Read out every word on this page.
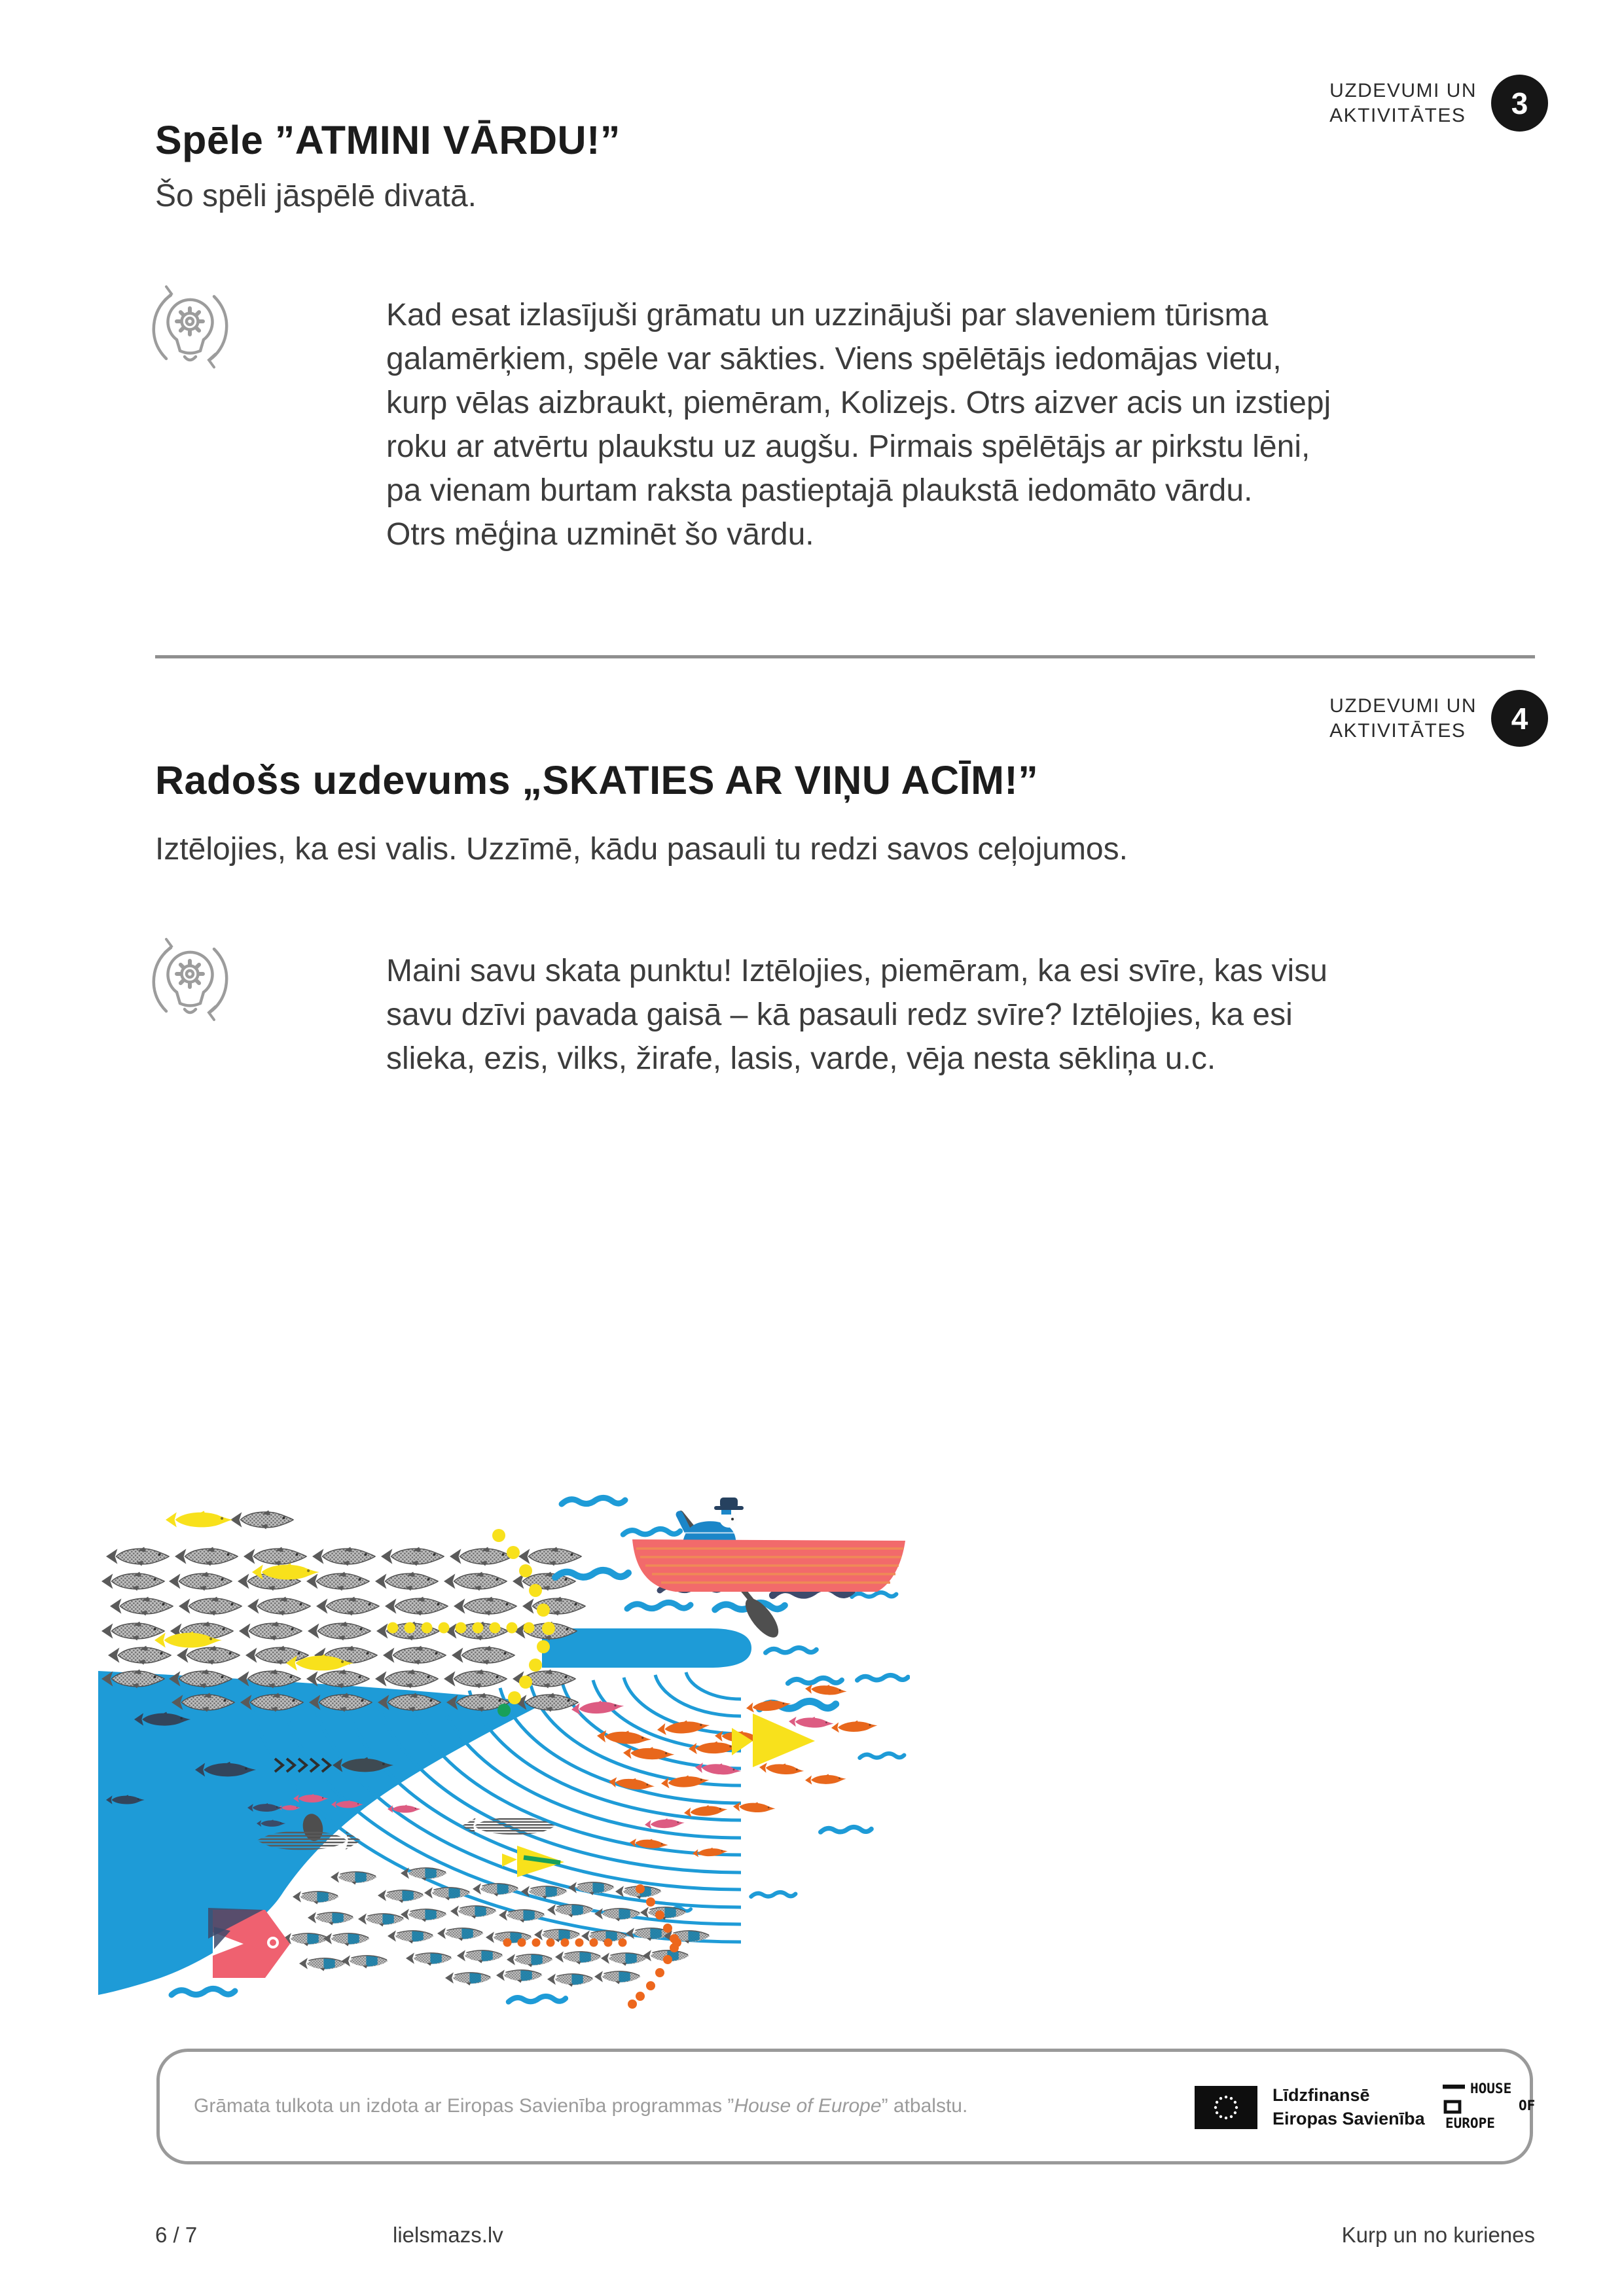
UZDEVUMI UN
AKTIVITĀTES	3
Spēle ”ATMINI VĀRDU!”

Šo spēli jāspēlē divatā.

Kad esat izlasījuši grāmatu un uzzinājuši par slaveniem tūrisma
galamērķiem, spēle var sākties. Viens spēlētājs iedomājas vietu,
kurp vēlas aizbraukt, piemēram, Kolizejs. Otrs aizver acis un izstiepj
roku ar atvērtu plaukstu uz augšu. Pirmais spēlētājs ar pirkstu lēni,
pa vienam burtam raksta pastieptajā plaukstā iedomāto vārdu.
Otrs mēģina uzminēt šo vārdu.
UZDEVUMI UN
AKTIVITĀTES	4
Radošs uzdevums „SKATIES AR VIŅU ACĪM!”

Iztēlojies, ka esi valis. Uzzīmē, kādu pasauli tu redzi savos ceļojumos.

Maini savu skata punktu! Iztēlojies, piemēram, ka esi svīre, kas visu
savu dzīvi pavada gaisā – kā pasauli redz svīre? Iztēlojies, ka esi
slieka, ezis, vilks, žirafe, lasis, varde, vēja nesta sēkliņa u.c.
Grāmata tulkota un izdota ar Eiropas Savienība programmas ”House of Europe” atbalstu.	Līdzfinansē
Eiropas Savienība
HOUSE
OF
EUROPE
6 / 7	lielsmazs.lv	Kurp un no kurienes
